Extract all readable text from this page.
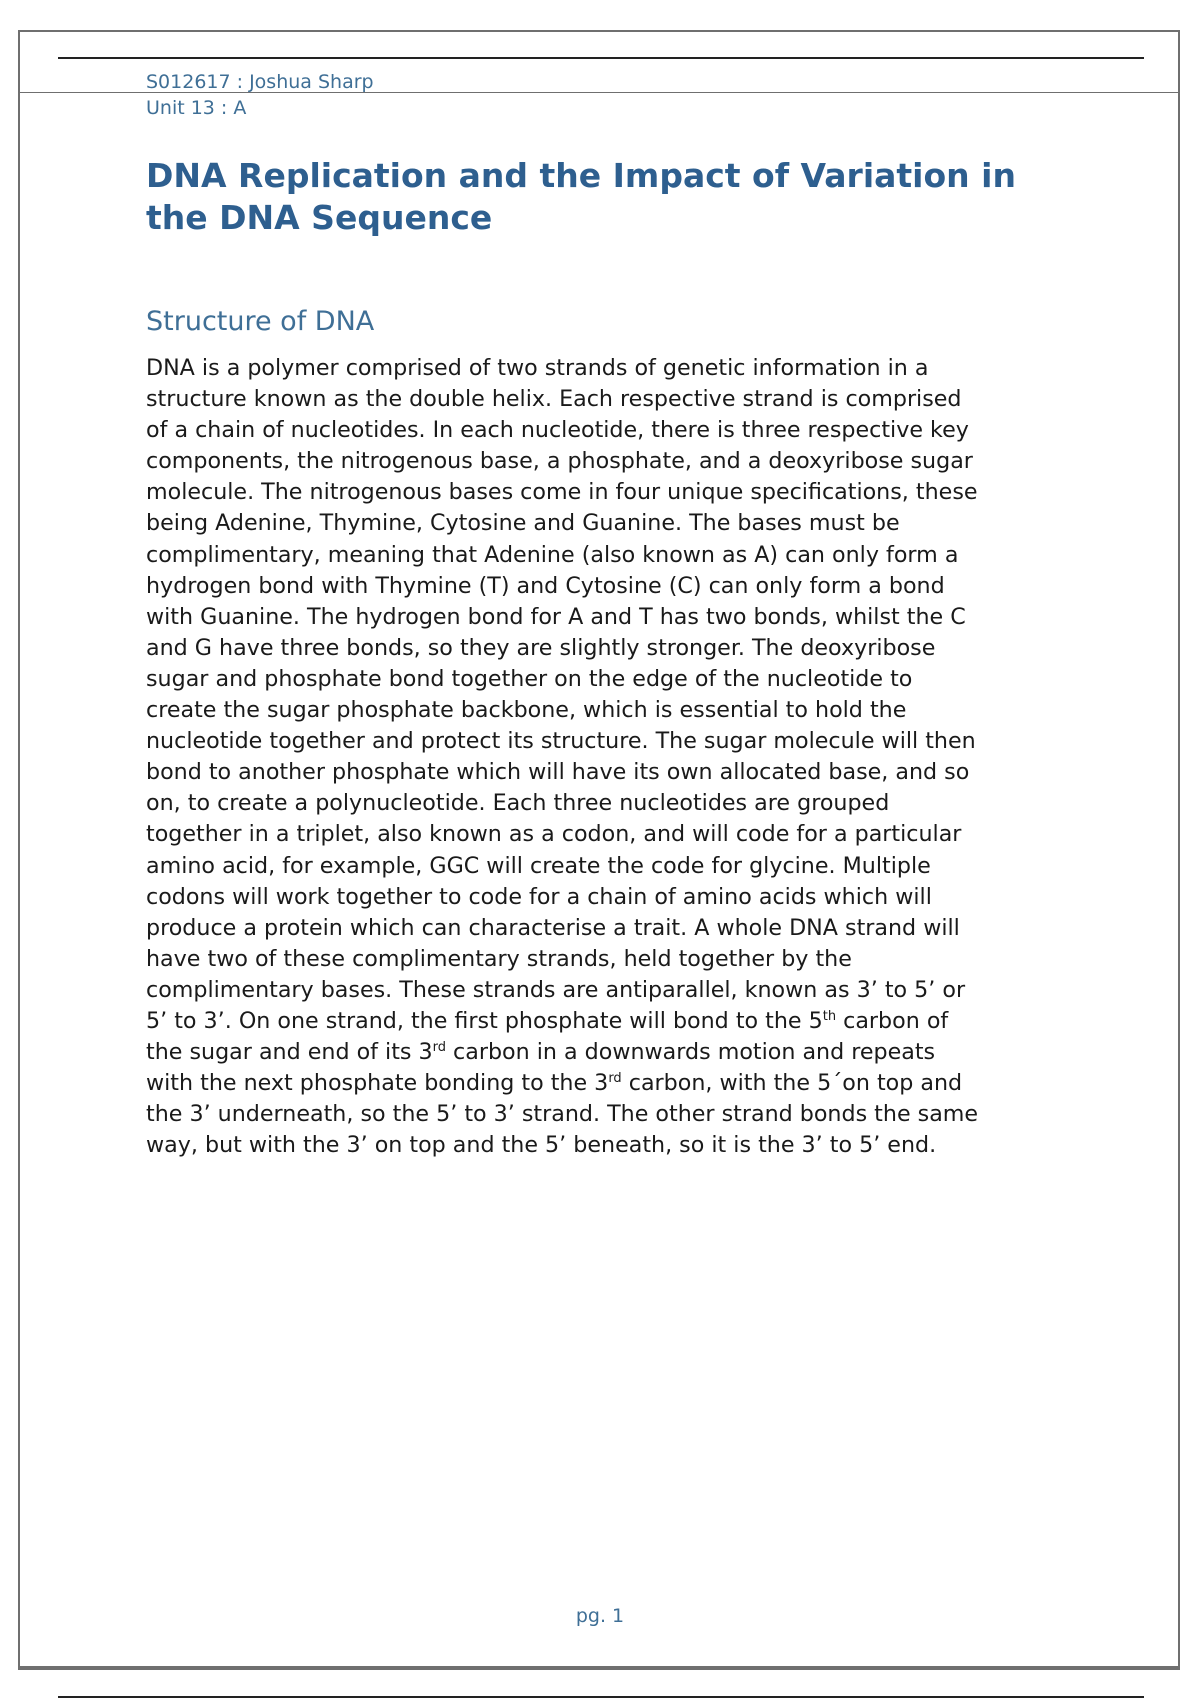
S012617 : Joshua Sharp
Unit 13 : A
DNA Replication and the Impact of Variation in the DNA Sequence
Structure of DNA
DNA is a polymer comprised of two strands of genetic information in a
structure known as the double helix. Each respective strand is comprised
of a chain of nucleotides. In each nucleotide, there is three respective key
components, the nitrogenous base, a phosphate, and a deoxyribose sugar
molecule. The nitrogenous bases come in four unique specifications, these
being Adenine, Thymine, Cytosine and Guanine. The bases must be
complimentary, meaning that Adenine (also known as A) can only form a
hydrogen bond with Thymine (T) and Cytosine (C) can only form a bond
with Guanine. The hydrogen bond for A and T has two bonds, whilst the C
and G have three bonds, so they are slightly stronger. The deoxyribose
sugar and phosphate bond together on the edge of the nucleotide to
create the sugar phosphate backbone, which is essential to hold the
nucleotide together and protect its structure. The sugar molecule will then
bond to another phosphate which will have its own allocated base, and so
on, to create a polynucleotide. Each three nucleotides are grouped
together in a triplet, also known as a codon, and will code for a particular
amino acid, for example, GGC will create the code for glycine. Multiple
codons will work together to code for a chain of amino acids which will
produce a protein which can characterise a trait. A whole DNA strand will
have two of these complimentary strands, held together by the
complimentary bases. These strands are antiparallel, known as 3’ to 5’ or
5’ to 3’. On one strand, the first phosphate will bond to the 5th carbon of
the sugar and end of its 3rd carbon in a downwards motion and repeats
with the next phosphate bonding to the 3rd carbon, with the 5´on top and
the 3’ underneath, so the 5’ to 3’ strand. The other strand bonds the same
way, but with the 3’ on top and the 5’ beneath, so it is the 3’ to 5’ end.
pg. 1
